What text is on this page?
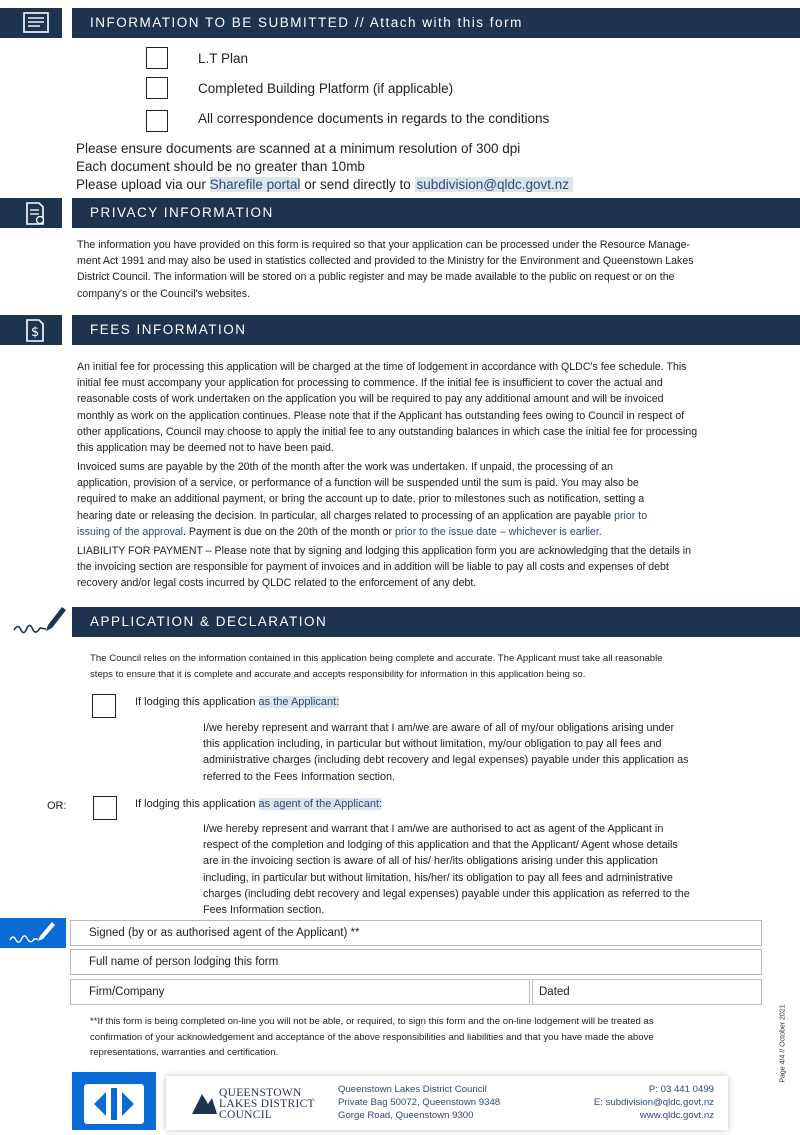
INFORMATION TO BE SUBMITTED // Attach with this form
L.T Plan
Completed Building Platform (if applicable)
All correspondence documents in regards to the conditions
Please ensure documents are scanned at a minimum resolution of 300 dpi
Each document should be no greater than 10mb
Please upload via our Sharefile portal or send directly to subdivision@qldc.govt.nz
PRIVACY INFORMATION
The information you have provided on this form is required so that your application can be processed under the Resource Manage-
ment Act 1991 and may also be used in statistics collected and provided to the Ministry for the Environment and Queenstown Lakes
District Council. The information will be stored on a public register and may be made available to the public on request or on the
company's or the Council's websites.
$	FEES INFORMATION
An initial fee for processing this application will be charged at the time of lodgement in accordance with QLDC's fee schedule. This
initial fee must accompany your application for processing to commence. If the initial fee is insufficient to cover the actual and
reasonable costs of work undertaken on the application you will be required to pay any additional amount and will be invoiced
monthly as work on the application continues. Please note that if the Applicant has outstanding fees owing to Council in respect of
other applications, Council may choose to apply the initial fee to any outstanding balances in which case the initial fee for processing
this application may be deemed not to have been paid.
Invoiced sums are payable by the 20th of the month after the work was undertaken. If unpaid, the processing of an
application, provision of a service, or performance of a function will be suspended until the sum is paid. You may also be
required to make an additional payment, or bring the account up to date, prior to milestones such as notification, setting a
hearing date or releasing the decision. In particular, all charges related to processing of an application are payable prior to
issuing of the approval. Payment is due on the 20th of the month or prior to the issue date – whichever is earlier.
LIABILITY FOR PAYMENT – Please note that by signing and lodging this application form you are acknowledging that the details in
the invoicing section are responsible for payment of invoices and in addition will be liable to pay all costs and expenses of debt
recovery and/or legal costs incurred by QLDC related to the enforcement of any debt.
APPLICATION & DECLARATION
The Council relies on the information contained in this application being complete and accurate. The Applicant must take all reasonable
steps to ensure that it is complete and accurate and accepts responsibility for information in this application being so.
If lodging this application as the Applicant:
I/we hereby represent and warrant that I am/we are aware of all of my/our obligations arising under
this application including, in particular but without limitation, my/our obligation to pay all fees and
administrative charges (including debt recovery and legal expenses) payable under this application as
referred to the Fees Information section.
OR:	If lodging this application as agent of the Applicant:
I/we hereby represent and warrant that I am/we are authorised to act as agent of the Applicant in
respect of the completion and lodging of this application and that the Applicant/ Agent whose details
are in the invoicing section is aware of all of his/ her/its obligations arising under this application
including, in particular but without limitation, his/her/ its obligation to pay all fees and administrative
charges (including debt recovery and legal expenses) payable under this application as referred to the
Fees Information section.
Signed (by or as authorised agent of the Applicant) **
Full name of person lodging this form
Firm/Company	Dated
**If this form is being completed on-line you will not be able, or required, to sign this form and the on-line lodgement will be treated as
confirmation of your acknowledgement and acceptance of the above responsibilities and liabilities and that you have made the above
representations, warranties and certification.	Page 4/4 // October 2021
QUEENSTOWN
LAKES DISTRICT
COUNCIL
Queenstown Lakes District Council
Private Bag 50072, Queenstown 9348
Gorge Road, Queenstown 9300
P: 03 441 0499
E: subdivision@qldc.govt.nz
www.qldc.govt.nz
